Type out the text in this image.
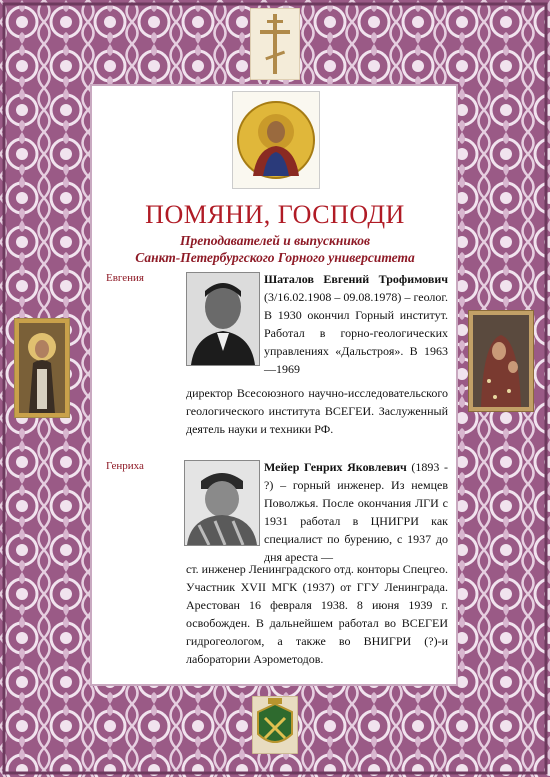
ПОМЯНИ, ГОСПОДИ
Преподавателей и выпускников
Санкт-Петербургского Горного университета
Евгения	Шаталов Евгений Трофимович (3/16.02.1908 – 09.08.1978) – геолог. В 1930 окончил Горный институт. Работал в горно-геологических управлениях «Дальстроя». В 1963—1969
директор Всесоюзного научно-исследовательского геологического института ВСЕГЕИ. Заслуженный деятель науки и техники РФ.
Генриха	Мейер Генрих Яковлевич (1893 - ?) – горный инженер. Из немцев Поволжья. После окончания ЛГИ с 1931 работал в ЦНИГРИ как специалист по бурению, с 1937 до дня ареста —
ст. инженер Ленинградского отд. конторы Спецгео. Участник XVII МГК (1937) от ГГУ Ленинграда. Арестован 16 февраля 1938. 8 июня 1939 г. освобожден. В дальнейшем работал во ВСЕГЕИ гидрогеологом, а также во ВНИГРИ (?)-и лаборатории Аэрометодов.
